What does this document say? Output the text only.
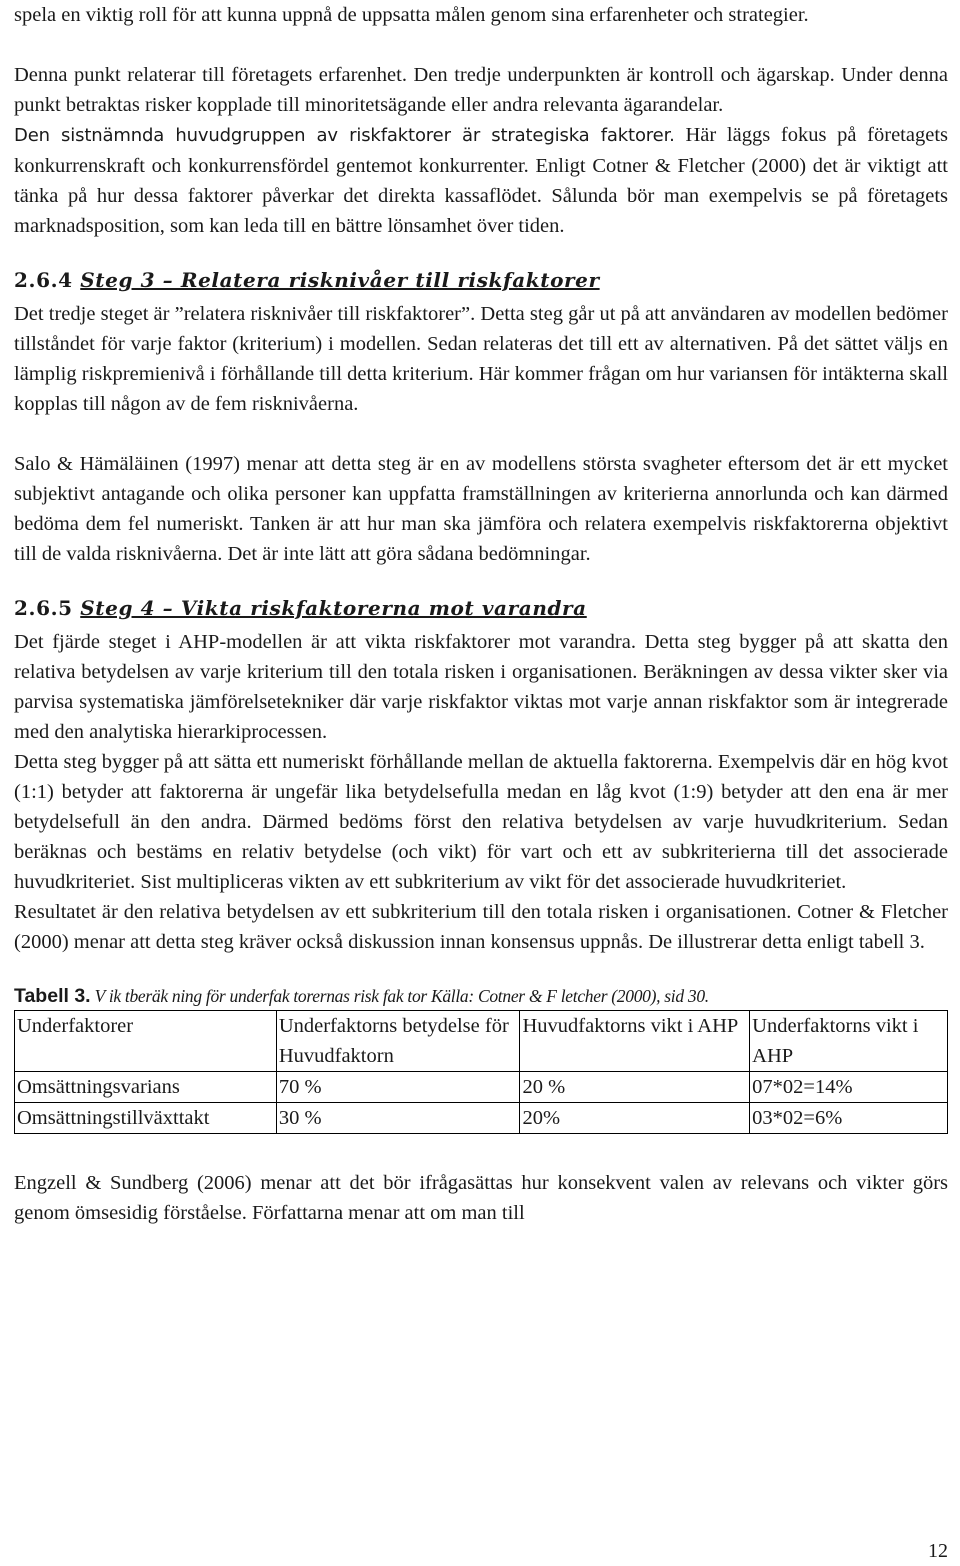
spela en viktig roll för att kunna uppnå de uppsatta målen genom sina erfarenheter och strategier.

Denna punkt relaterar till företagets erfarenhet. Den tredje underpunkten är kontroll och ägarskap. Under denna punkt betraktas risker kopplade till minoritetsägande eller andra relevanta ägarandelar.

Den sistnämnda huvudgruppen av riskfaktorer är strategiska faktorer. Här läggs fokus på företagets konkurrenskraft och konkurrensfördel gentemot konkurrenter. Enligt Cotner & Fletcher (2000) det är viktigt att tänka på hur dessa faktorer påverkar det direkta kassaflödet. Sålunda bör man exempelvis se på företagets marknadsposition, som kan leda till en bättre lönsamhet över tiden.

2.6.4 Steg 3 – Relatera risknivåer till riskfaktorer

Det tredje steget är ”relatera risknivåer till riskfaktorer”. Detta steg går ut på att användaren av modellen bedömer tillståndet för varje faktor (kriterium) i modellen. Sedan relateras det till ett av alternativen. På det sättet väljs en lämplig riskpremienivå i förhållande till detta kriterium. Här kommer frågan om hur variansen för intäkterna skall kopplas till någon av de fem risknivåerna.

Salo & Hämäläinen (1997) menar att detta steg är en av modellens största svagheter eftersom det är ett mycket subjektivt antagande och olika personer kan uppfatta framställningen av kriterierna annorlunda och kan därmed bedöma dem fel numeriskt. Tanken är att hur man ska jämföra och relatera exempelvis riskfaktorerna objektivt till de valda risknivåerna. Det är inte lätt att göra sådana bedömningar.

2.6.5 Steg 4 – Vikta riskfaktorerna mot varandra

Det fjärde steget i AHP-modellen är att vikta riskfaktorer mot varandra. Detta steg bygger på att skatta den relativa betydelsen av varje kriterium till den totala risken i organisationen. Beräkningen av dessa vikter sker via parvisa systematiska jämförelsetekniker där varje riskfaktor viktas mot varje annan riskfaktor som är integrerade med den analytiska hierarkiprocessen.

Detta steg bygger på att sätta ett numeriskt förhållande mellan de aktuella faktorerna. Exempelvis där en hög kvot (1:1) betyder att faktorerna är ungefär lika betydelsefulla medan en låg kvot (1:9) betyder att den ena är mer betydelsefull än den andra. Därmed bedöms först den relativa betydelsen av varje huvudkriterium. Sedan beräknas och bestäms en relativ betydelse (och vikt) för vart och ett av subkriterierna till det associerade huvudkriteriet. Sist multipliceras vikten av ett subkriterium av vikt för det associerade huvudkriteriet.

Resultatet är den relativa betydelsen av ett subkriterium till den totala risken i organisationen. Cotner & Fletcher (2000) menar att detta steg kräver också diskussion innan konsensus uppnås. De illustrerar detta enligt tabell 3.

Tabell 3. V ik tberäk ning för underfak torernas risk fak tor Källa: Cotner & F letcher (2000), sid 30.
Underfaktorer	Underfaktorns betydelse för Huvudfaktorn	Huvudfaktorns vikt i AHP	Underfaktorns vikt i AHP
Omsättningsvarians	70 %	20 %	07*02=14%
Omsättningstillväxttakt	30 %	20%	03*02=6%

Engzell & Sundberg (2006) menar att det bör ifrågasättas hur konsekvent valen av relevans och vikter görs genom ömsesidig förståelse. Författarna menar att om man till

12
